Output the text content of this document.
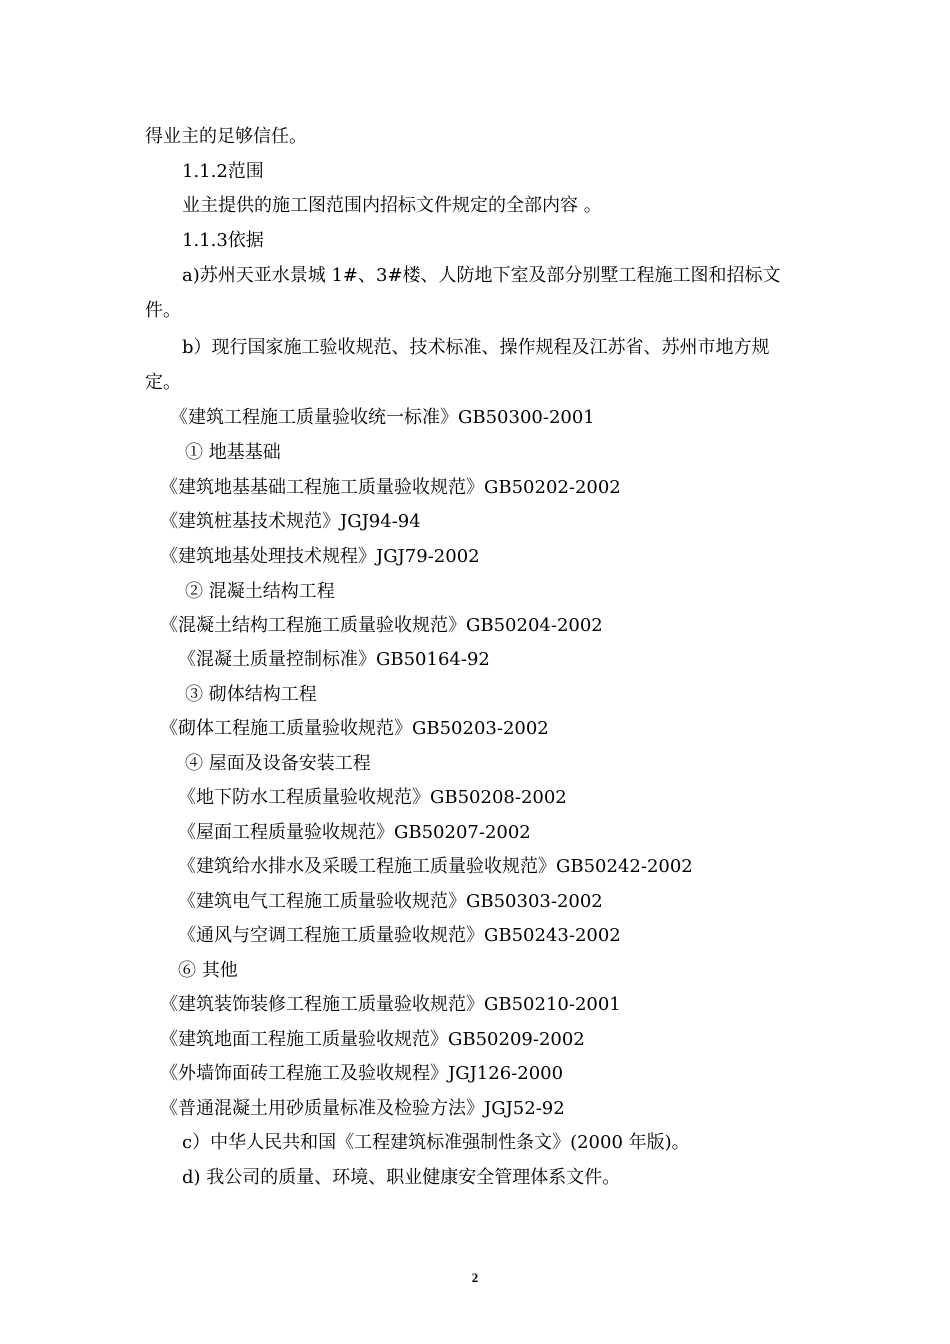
得业主的足够信任。
1.1.2范围
业主提供的施工图范围内招标文件规定的全部内容 。
1.1.3依据
a)苏州天亚水景城 1#、3#楼、人防地下室及部分别墅工程施工图和招标文
件。
b）现行国家施工验收规范、技术标准、操作规程及江苏省、苏州市地方规
定。
《建筑工程施工质量验收统一标准》GB50300-2001
① 地基基础
《建筑地基基础工程施工质量验收规范》GB50202-2002
《建筑桩基技术规范》JGJ94-94
《建筑地基处理技术规程》JGJ79-2002
② 混凝土结构工程
《混凝土结构工程施工质量验收规范》GB50204-2002
《混凝土质量控制标准》GB50164-92
③ 砌体结构工程
《砌体工程施工质量验收规范》GB50203-2002
④ 屋面及设备安装工程
《地下防水工程质量验收规范》GB50208-2002
《屋面工程质量验收规范》GB50207-2002
《建筑给水排水及采暖工程施工质量验收规范》GB50242-2002
《建筑电气工程施工质量验收规范》GB50303-2002
《通风与空调工程施工质量验收规范》GB50243-2002
⑥ 其他
《建筑装饰装修工程施工质量验收规范》GB50210-2001
《建筑地面工程施工质量验收规范》GB50209-2002
《外墙饰面砖工程施工及验收规程》JGJ126-2000
《普通混凝土用砂质量标准及检验方法》JGJ52-92
c）中华人民共和国《工程建筑标准强制性条文》(2000 年版)。
d) 我公司的质量、环境、职业健康安全管理体系文件。
2
